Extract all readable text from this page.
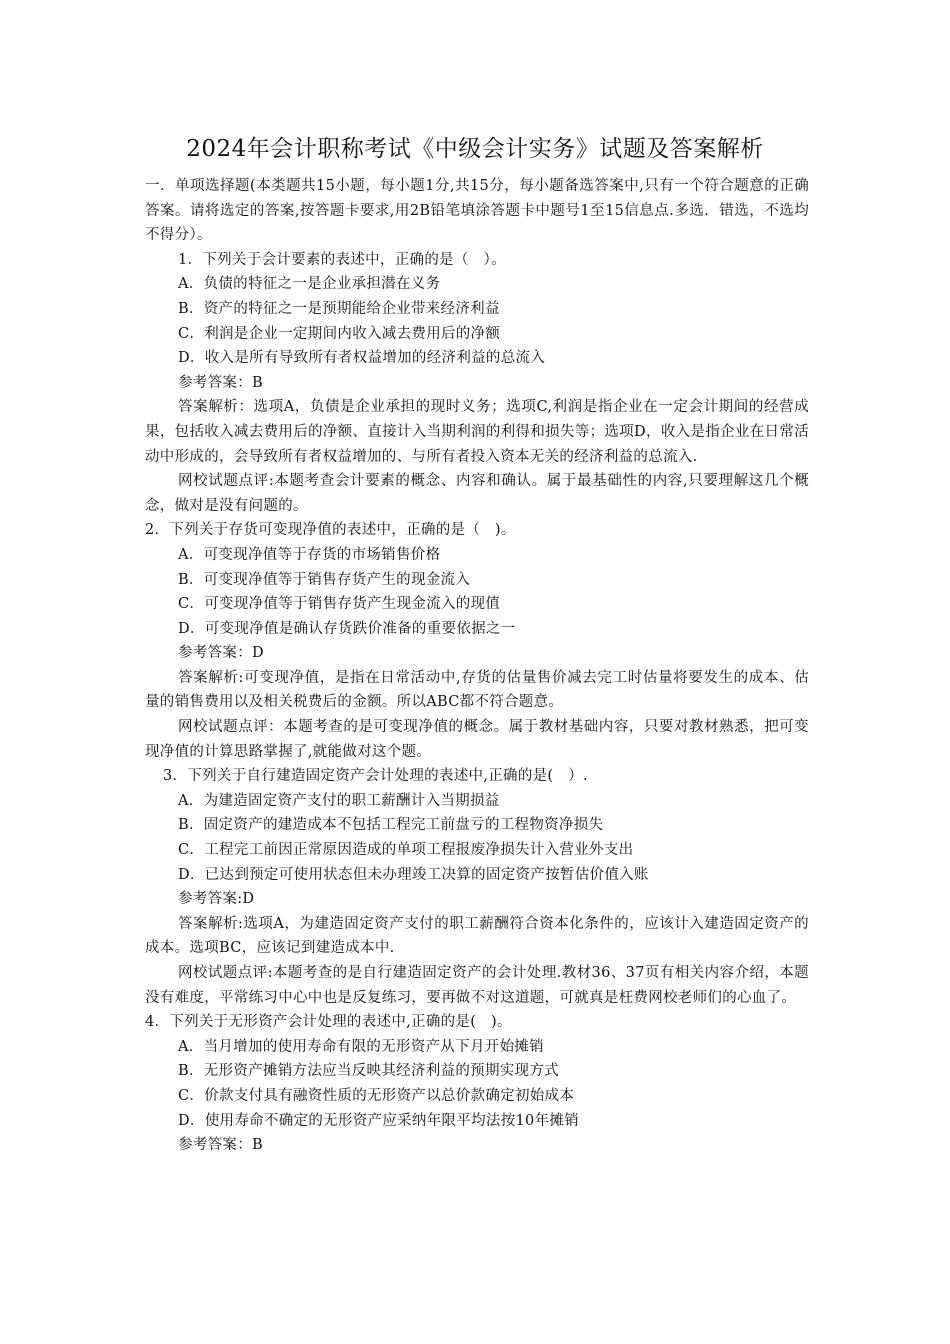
2024年会计职称考试《中级会计实务》试题及答案解析

一．单项选择题(本类题共15小题，每小题1分,共15分，每小题备选答案中,只有一个符合题意的正确答案。请将选定的答案,按答题卡要求,用2B铅笔填涂答题卡中题号1至15信息点.多选．错选，不选均不得分）。

1．下列关于会计要素的表述中，正确的是（　）。

A．负债的特征之一是企业承担潜在义务

B．资产的特征之一是预期能给企业带来经济利益

C．利润是企业一定期间内收入减去费用后的净额

D．收入是所有导致所有者权益增加的经济利益的总流入

参考答案：B

答案解析：选项A，负债是企业承担的现时义务；选项C,利润是指企业在一定会计期间的经营成果，包括收入减去费用后的净额、直接计入当期利润的利得和损失等；选项D，收入是指企业在日常活动中形成的，会导致所有者权益增加的、与所有者投入资本无关的经济利益的总流入.

网校试题点评:本题考查会计要素的概念、内容和确认。属于最基础性的内容,只要理解这几个概念，做对是没有问题的。

2．下列关于存货可变现净值的表述中，正确的是（　)。

A．可变现净值等于存货的市场销售价格

B．可变现净值等于销售存货产生的现金流入

C．可变现净值等于销售存货产生现金流入的现值

D．可变现净值是确认存货跌价准备的重要依据之一

参考答案：D

答案解析:可变现净值，是指在日常活动中,存货的估量售价减去完工时估量将要发生的成本、估量的销售费用以及相关税费后的金额。所以ABC都不符合题意。

网校试题点评：本题考查的是可变现净值的概念。属于教材基础内容，只要对教材熟悉，把可变现净值的计算思路掌握了,就能做对这个题。

3．下列关于自行建造固定资产会计处理的表述中,正确的是(　）.

A．为建造固定资产支付的职工薪酬计入当期损益

B．固定资产的建造成本不包括工程完工前盘亏的工程物资净损失

C．工程完工前因正常原因造成的单项工程报废净损失计入营业外支出

D．已达到预定可使用状态但未办理竣工决算的固定资产按暂估价值入账

参考答案:D

答案解析:选项A，为建造固定资产支付的职工薪酬符合资本化条件的，应该计入建造固定资产的成本。选项BC，应该记到建造成本中.

网校试题点评:本题考查的是自行建造固定资产的会计处理.教材36、37页有相关内容介绍，本题没有难度，平常练习中心中也是反复练习，要再做不对这道题，可就真是枉费网校老师们的心血了。

4．下列关于无形资产会计处理的表述中,正确的是(　)。

A．当月增加的使用寿命有限的无形资产从下月开始摊销

B．无形资产摊销方法应当反映其经济利益的预期实现方式

C．价款支付具有融资性质的无形资产以总价款确定初始成本

D．使用寿命不确定的无形资产应采纳年限平均法按10年摊销

参考答案：B
